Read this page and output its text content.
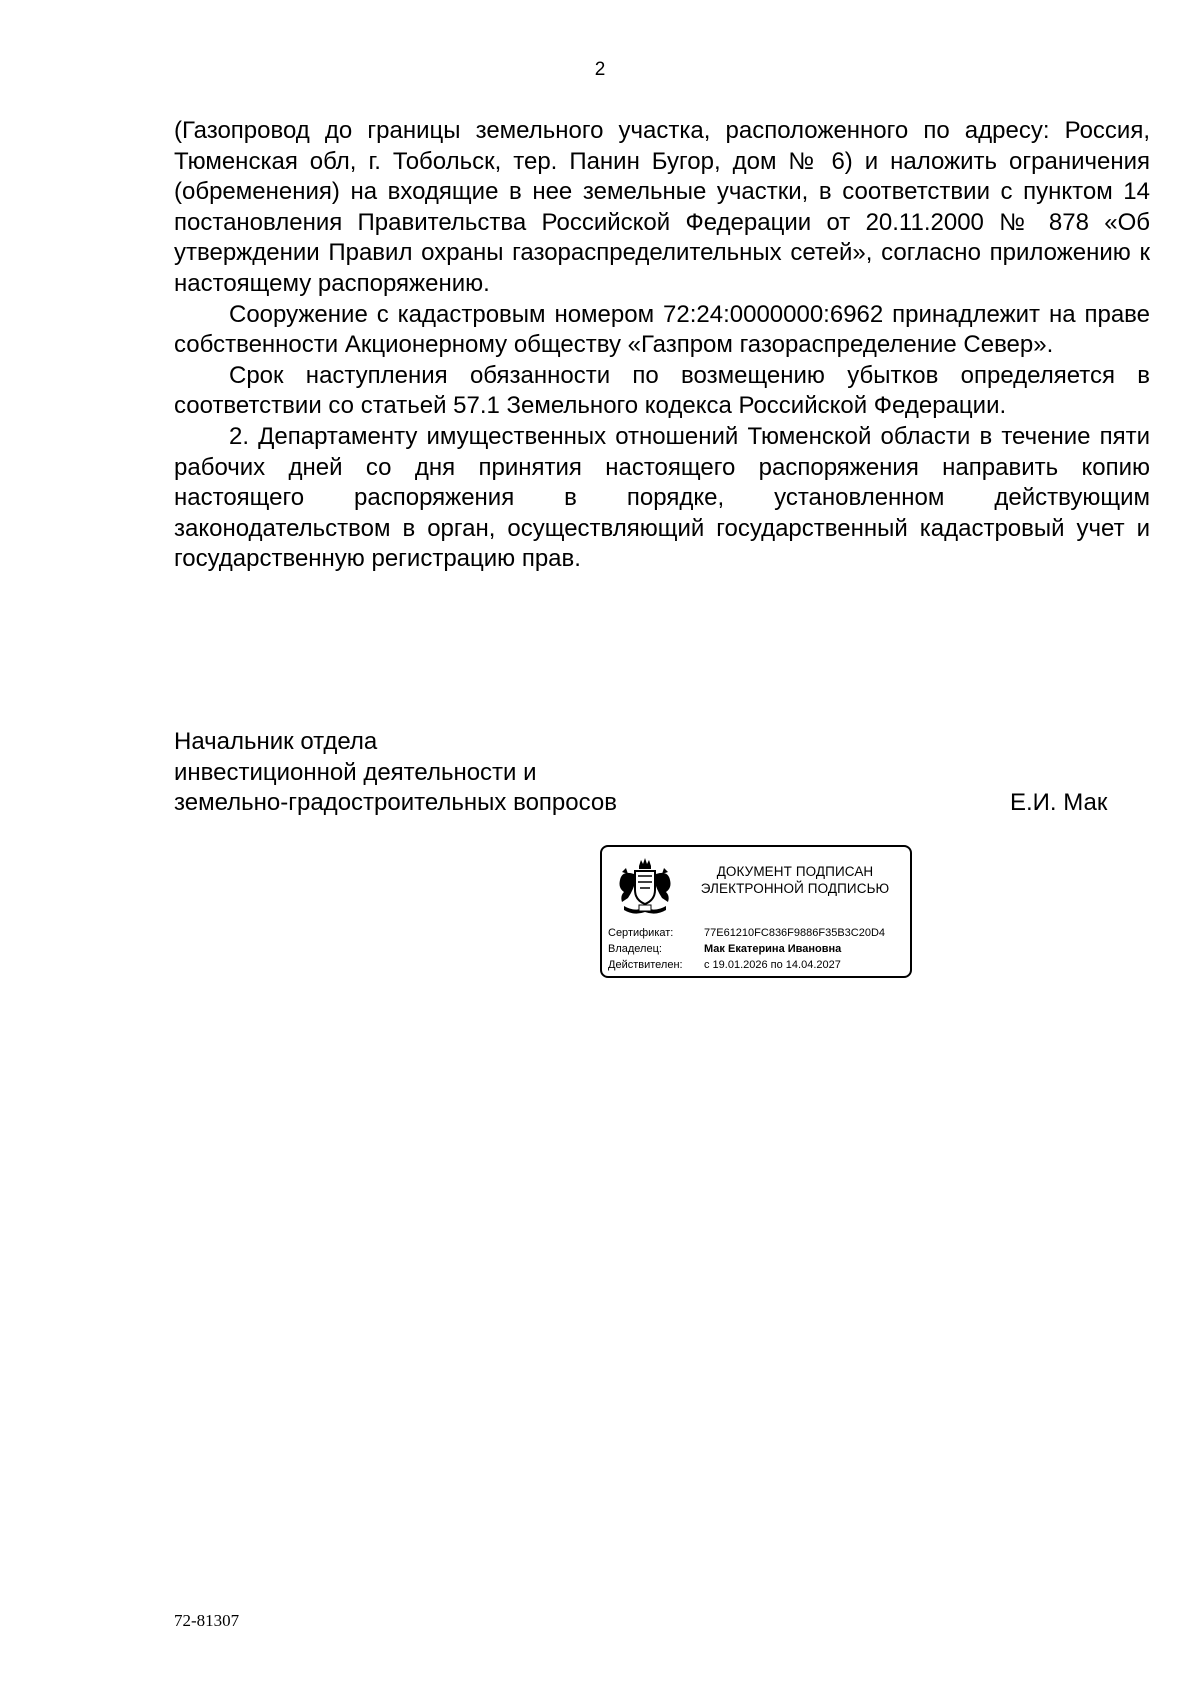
2

(Газопровод до границы земельного участка, расположенного по адресу: Россия, Тюменская обл, г. Тобольск, тер. Панин Бугор, дом № 6) и наложить ограничения (обременения) на входящие в нее земельные участки, в соответствии с пунктом 14 постановления Правительства Российской Федерации от 20.11.2000 № 878 «Об утверждении Правил охраны газораспределительных сетей», согласно приложению к настоящему распоряжению.

Сооружение с кадастровым номером 72:24:0000000:6962 принадлежит на праве собственности Акционерному обществу «Газпром газораспределение Север».

Срок наступления обязанности по возмещению убытков определяется в соответствии со статьей 57.1 Земельного кодекса Российской Федерации.

2. Департаменту имущественных отношений Тюменской области в течение пяти рабочих дней со дня принятия настоящего распоряжения направить копию настоящего распоряжения в порядке, установленном действующим законодательством в орган, осуществляющий государственный кадастровый учет и государственную регистрацию прав.

Начальник отдела
инвестиционной деятельности и
земельно-градостроительных вопросов	Е.И. Мак
ДОКУМЕНТ ПОДПИСАН
ЭЛЕКТРОННОЙ ПОДПИСЬЮ
Сертификат:	77E61210FC836F9886F35B3C20D4
Владелец:	Мак Екатерина Ивановна
Действителен: с 19.01.2026 по 14.04.2027
72-81307
